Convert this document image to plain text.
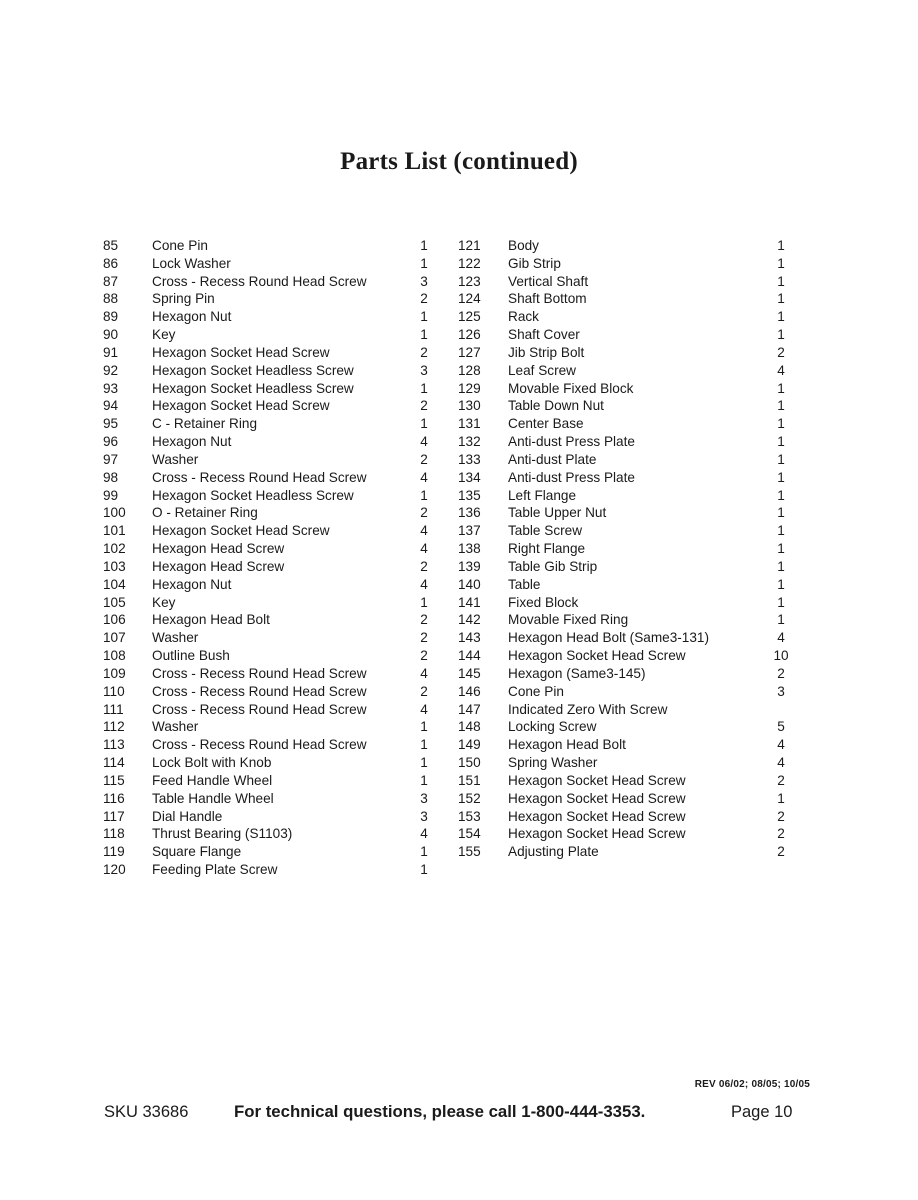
Parts List (continued)
85 Cone Pin	1
86 Lock Washer	1
87 Cross - Recess Round Head Screw	3
88 Spring Pin	2
89 Hexagon Nut	1
90 Key	1
91 Hexagon Socket Head Screw	2
92 Hexagon Socket Headless Screw	3
93 Hexagon Socket Headless Screw	1
94 Hexagon Socket Head Screw	2
95 C - Retainer Ring	1
96 Hexagon Nut	4
97 Washer	2
98 Cross - Recess Round Head Screw	4
99 Hexagon Socket Headless Screw	1
100 O - Retainer Ring	2
101 Hexagon Socket Head Screw	4
102 Hexagon Head Screw	4
103 Hexagon Head Screw	2
104 Hexagon Nut	4
105 Key	1
106 Hexagon Head Bolt	2
107 Washer	2
108 Outline Bush	2
109 Cross - Recess Round Head Screw	4
110 Cross - Recess Round Head Screw	2
111 Cross - Recess Round Head Screw	4
112 Washer	1
113 Cross - Recess Round Head Screw	1
114 Lock Bolt with Knob	1
115 Feed Handle Wheel	1
116 Table Handle Wheel	3
117 Dial Handle	3
118 Thrust Bearing (S1103)	4
119 Square Flange	1
120 Feeding Plate Screw	1
121 Body	1
122 Gib Strip	1
123 Vertical Shaft	1
124 Shaft Bottom	1
125 Rack	1
126 Shaft Cover	1
127 Jib Strip Bolt	2
128 Leaf Screw	4
129 Movable Fixed Block	1
130 Table Down Nut	1
131 Center Base	1
132 Anti-dust Press Plate	1
133 Anti-dust Plate	1
134 Anti-dust Press Plate	1
135 Left Flange	1
136 Table Upper Nut	1
137 Table Screw	1
138 Right Flange	1
139 Table Gib Strip	1
140 Table	1
141 Fixed Block	1
142 Movable Fixed Ring	1
143 Hexagon Head Bolt (Same3-131)	4
144 Hexagon Socket Head Screw	10
145 Hexagon (Same3-145)	2
146 Cone Pin	3
147 Indicated Zero With Screw
148 Locking Screw	5
149 Hexagon Head Bolt	4
150 Spring Washer	4
151 Hexagon Socket Head Screw	2
152 Hexagon Socket Head Screw	1
153 Hexagon Socket Head Screw	2
154 Hexagon Socket Head Screw	2
155 Adjusting Plate	2
REV 06/02; 08/05; 10/05
SKU 33686	For technical questions, please call 1-800-444-3353.	Page 10
